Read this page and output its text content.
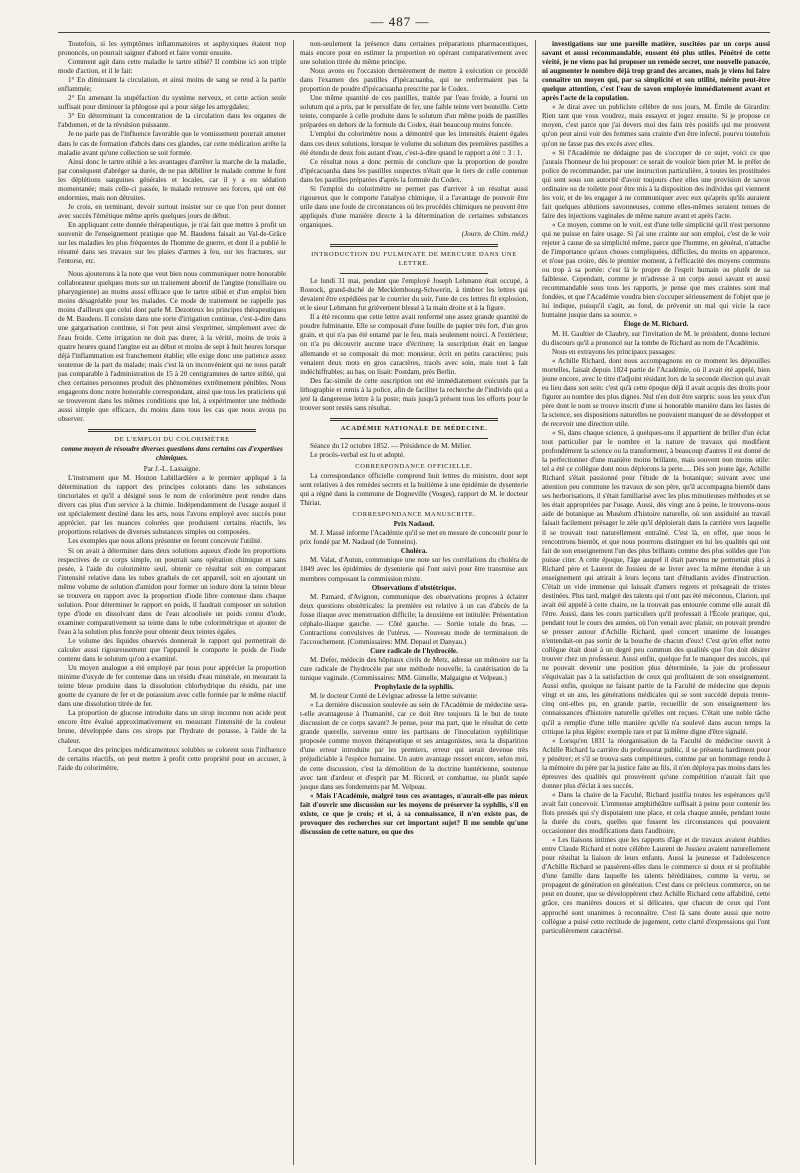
— 487 —

Toutefois, si les symptômes inflammatoires et asphyxiques étaient trop prononcés, on pourrait saigner d'abord et faire vomir ensuite.

Comment agit dans cette maladie le tartre stibié? Il combine ici son triple mode d'action, et il le fait:

1° En diminuant la circulation, et ainsi moins de sang se rend à la partie enflammée;

2° En amenant la stupéfaction du système nerveux, et cette action seule suffisait pour diminuer la phlogose qui a pour siége les amygdales;

3° En déterminant la concentration de la circulation dans les organes de l'abdomen, et de la révulsion puissante.

Je ne parle pas de l'influence favorable que le vomissement pourrait amener dans le cas de formation d'abcès dans ces glandes, car cette médication arrête la maladie avant qu'une collection se soit formée.

Ainsi donc le tartre stibié a les avantages d'arrêter la marche de la maladie, par conséquent d'abréger sa durée, de ne pas débiliter le malade comme le font les déplétions sanguines générales et locales, car il y a eu sédation momentanée; mais celle-ci passée, le malade retrouve ses forces, qui ont été endormies, mais non détruites.

Je crois, en terminant, devoir surtout insister sur ce que l'on peut donner avec succès l'émétique même après quelques jours de début.

En appliquant cette donnée thérapeutique, je n'ai fait que mettre à profit un souvenir de l'enseignement pratique que M. Baudens faisait au Val-de-Grâce sur les maladies les plus fréquentes de l'homme de guerre, et dont il a publié le résumé dans ses travaux sur les plaies d'armes à feu, sur les fractures, sur l'entorse, etc.

Nous ajouterons à la note que veut bien nous communiquer notre honorable collaborateur quelques mots sur un traitement abortif de l'angine (tonsillaire ou pharyngienne) au moins aussi efficace que le tartre stibié et d'un emploi bien moins désagréable pour les malades. Ce mode de traitement ne rappelle pas moins d'ailleurs que celui dont parle M. Dezotteux les principes thérapeutiques de M. Baudens. Il consiste dans une sorte d'irrigation continue, c'est-à-dire dans une gargarisation continue, si l'on peut ainsi s'exprimer, simplement avec de l'eau froide. Cette irrigation ne doit pas durer, à la vérité, moins de trois à quatre heures quand l'angine est au début et moins de sept à huit heures lorsque déjà l'inflammation est franchement établie; elle exige donc une patience assez soutenue de la part du malade; mais c'est là un inconvénient qui ne nous paraît pas comparable à l'administration de 15 à 20 centigrammes de tartre stibié, qui chez certaines personnes produit des phénomènes extrêmement pénibles. Nous engageons donc notre honorable correspondant, ainsi que tous les praticiens qui se trouveront dans les mêmes conditions que lui, à expérimenter une méthode aussi simple que efficace, du moins dans tous les cas que nous avons pu observer.

DE L'EMPLOI DU COLORIMÈTRE

comme moyen de résoudre diverses questions dans certains cas d'expertises chimiques.

Par J.-L. Lassaigne.

L'instrument que M. Houton Labillardière a le premier appliqué à la détermination du rapport des principes colorants dans les substances tinctoriales et qu'il a désigné sous le nom de colorimètre peut rendre dans divers cas plus d'un service à la chimie. Indépendamment de l'usage auquel il est spécialement destiné dans les arts, nous l'avons employé avec succès pour apprécier, par les nuances colorées que produisent certains réactifs, les proportions relatives de diverses substances simples ou composées.

Les exemples que nous allons présenter en feront concevoir l'utilité.

Si on avait à déterminer dans deux solutions aqueux d'iode les proportions respectives de ce corps simple, on pourrait sans opération chimique et sans pesée, à l'aide du colorimètre seul, obtenir ce résultat soit en comparant l'intensité relative dans les tubes gradués de cet appareil, soit en ajoutant un même volume de solution d'amidon pour former un iodure dont la teinte bleue se trouvera en rapport avec la proportion d'iode libre contenue dans chaque solution. Pour déterminer le rapport en poids, il faudrait composer un solution type d'iode en dissolvant dans de l'eau alcoolisée un poids connu d'iode, examiner comparativement sa teinte dans le tube colorimétrique et ajouter de l'eau à la solution plus foncée pour obtenir deux teintes égales.

Le volume des liquides observés donnerait le rapport qui permettrait de calculer aussi rigoureusement que l'appareil le comporte le poids de l'iode contenu dans le solutum qu'on a examiné.

Un moyen analogue a été employé par nous pour apprécier la proportion minime d'oxyde de fer contenue dans un résidu d'eau minérale, en mesurant la teinte bleue produite dans la dissolution chlorhydrique du résidu, par une goutte de cyanure de fer et de potassium avec celle formée par le même réactif dans une dissolution titrée de fer.

La proportion de glucose introduite dans un sirop inconnu non acide peut encore être évalué approximativement en mesurant l'intensité de la couleur brune, développée dans ces sirops par l'hydrate de potasse, à l'aide de la chaleur.

Lorsque des principes médicamenteux solubles se colorent sous l'influence de certains réactifs, on peut mettre à profit cette propriété pour en accuser, à l'aide du colorimètre,

non-seulement la présence dans certaines préparations pharmaceutiques, mais encore pour en estimer la proportion en opérant comparativement avec une solution titrée du même principe.

Nous avons eu l'occasion dernièrement de mettre à exécution ce procédé dans l'examen des pastilles d'ipécacuanha, qui ne renfermaient pas la proportion de poudre d'ipécacuanha prescrite par le Codex.

Une même quantité de ces pastilles, traitée par l'eau froide, a fourni un solutum qui a pris, par le persulfate de fer, une faible teinte vert bouteille. Cette teinte, comparée à celle produite dans le solutum d'un même poids de pastilles préparées en dehors de la formule du Codex, était beaucoup moins foncée.

L'emploi du colorimètre nous a démontré que les intensités étaient égales dans ces deux solutions, lorsque le volume du solutum des premières pastilles a été étendu de deux fois autant d'eau, c'est-à-dire quand le rapport a été :: 3 : 1.

Ce résultat nous a donc permis de conclure que la proportion de poudre d'ipécacuanha dans les pastilles suspectes n'était que le tiers de celle contenue dans les pastilles préparées d'après la formule du Codex.

Si l'emploi du colorimètre ne permet pas d'arriver à un résultat aussi rigoureux que le comporte l'analyse chimique, il a l'avantage de pouvoir être utile dans une foule de circonstances où les procédés chimiques ne peuvent être appliqués d'une manière directe à la détermination de certaines substances organiques.

(Journ. de Chim. méd.)

INTRODUCTION DU FULMINATE DE MERCURE DANS UNE LETTRE.

Le lundi 31 mai, pendant que l'employé Joseph Lehmann était occupé, à Rostock, grand-duché de Mecklembourg-Schwerin, à timbrer les lettres qui devaient être expédiées par le courrier du soir, l'une de ces lettres fit explosion, et le sieur Lehmann fut grièvement blessé à la main droite et à la figure.

Il a été reconnu que cette lettre avait renfermé une assez grande quantité de poudre fulminante. Elle se composait d'une feuille de papier très fort, d'un gros grain, et qui n'a pas été entamé par le feu, mais seulement noirci. A l'extérieur, on n'a pu découvrir aucune trace d'écriture; la suscription était en langue allemande et se composait du mot: monsieur, écrit en petits caractères; puis venaient deux mots en gros caractères, tracés avec soin, mais tout à fait indéchiffrables; au bas, on lisait: Postdam, près Berlin.

Des fac-simile de cette suscription ont été immédiatement exécutés par la lithographie et remis à la police, afin de faciliter la recherche de l'individu qui a jeté la dangereuse lettre à la poste; mais jusqu'à présent tous les efforts pour le trouver sont restés sans résultat.

ACADÉMIE NATIONALE DE MÉDECINE.

Séance du 12 octobre 1852. — Présidence de M. Mélier.

Le procès-verbal est lu et adopté.

CORRESPONDANCE OFFICIELLE.

La correspondance officielle comprend huit lettres du ministre, dont sept sont relatives à des remèdes secrets et la huitième à une épidémie de dysenterie qui a régné dans la commune de Dogneville (Vosges), rapport de M. le docteur Thiriat.

CORRESPONDANCE MANUSCRITE.

Prix Nadaud.

M. J. Massé informe l'Académie qu'il se met en mesure de concourir pour le prix fondé par M. Nadaud (de Tonneins).

Choléra.

M. Valat, d'Autun, communique une note sur les corrélations du choléra de 1849 avec les épidémies de dysenterie qui l'ont suivi pour être transmise aux membres composant la commission mixte.

Observations d'obstétrique.

M. Pamard, d'Avignon, communique des observations propres à éclairer deux questions obstétricales: la première est relative à un cas d'abcès de la fosse iliaque avec menstruation difficile; la deuxième est intitulée: Présentation céphalo-iliaque gauche. — Côté gauche. — Sortie totale du bras. — Contractions convulsives de l'utérus. — Nouveau mode de terminaison de l'accouchement. (Commissaires: MM. Depaul et Danyau.)

Cure radicale de l'hydrocèle.

M. Defer, médecin des hôpitaux civils de Metz, adresse un mémoire sur la cure radicale de l'hydrocèle par une méthode nouvelle, la cautérisation de la tunique vaginale. (Commissaires: MM. Gimelle, Malgaigne et Velpeau.)

Prophylaxie de la syphilis.

M. le docteur Conté de Lévignac adresse la lettre suivante:

« La dernière discussion soulevée au sein de l'Académie de médecine sera-t-elle avantageuse à l'humanité, car ce doit être toujours là le but de toute discussion de ce corps savant? Je pense, pour ma part, que le résultat de cette grande querelle, survenue entre les partisans de l'inoculation syphilitique proposée comme moyen thérapeutique et ses antagonistes, sera la disparition d'une erreur introduite par les premiers, erreur qui serait devenue très préjudiciable à l'espèce humaine. Un autre avantage ressort encore, selon moi, de cette discussion, c'est la démolition de la doctrine huntérienne, soutenue avec tant d'ardeur et d'esprit par M. Ricord, et combattue, ou plutôt sapée jusque dans ses fondements par M. Velpeau.

« Mais l'Académie, malgré tous ces avantages, n'aurait-elle pas mieux fait d'ouvrir une discussion sur les moyens de préserver la syphilis, s'il en existe, ce que je crois; et si, à sa connaissance, il n'en existe pas, de provoquer des recherches sur cet important sujet? Il me semble qu'une discussion de cette nature, ou que des

investigations sur une pareille matière, suscitées par un corps aussi savant et aussi recommandable, eussent été plus utiles. Pénétré de cette vérité, je ne viens pas lui proposer un remède secret, une nouvelle panacée, ni augmenter le nombre déjà trop grand des arcanes, mais je viens lui faire connaître un moyen qui, par sa simplicité et son utilité, mérite peut-être quelque attention, c'est l'eau de savon employée immédiatement avant et après l'acte de la copulation.

« Je dirai avec un publiciste célèbre de nos jours, M. Émile de Girardin: Rien tant que vous voudrez, mais essayez et jugez ensuite. Si je propose ce moyen, c'est parce que j'ai devers moi des faits très positifs qui me prouvent qu'on peut ainsi voir des femmes sans crainte d'en être infecté, pourvu toutefois qu'on ne fasse pas des excès avec elles.

« Si l'Académie ne dédaigne pas de s'occuper de ce sujet, voici ce que j'aurais l'honneur de lui proposer: ce serait de vouloir bien prier M. le préfet de police de recommander, par une instruction particulière, à toutes les prostituées qui sont sous son autorité d'avoir toujours chez elles une provision de savon ordinaire ou de toilette pour être mis à la disposition des individus qui viennent les voir, et de les engager à ne communiquer avec eux qu'après qu'ils auraient fait quelques ablutions savonneuses, comme elles-mêmes seraient tenues de faire des injections vaginales de même nature avant et après l'acte.

« Ce moyen, comme on le voit, est d'une telle simplicité qu'il n'est personne qui ne puisse en faire usage. Si j'ai une crainte sur son emploi, c'est de le voir rejeter à cause de sa simplicité même, parce que l'homme, en général, n'attache de l'importance qu'aux choses compliquées, difficiles, du moins en apparence, et n'ose pas croire, dès le premier moment, à l'efficacité des moyens communs ou trop à sa portée: c'est là le propre de l'esprit humain ou plutôt de sa faiblesse. Cependant, comme je m'adresse à un corps aussi savant et aussi recommandable sous tous les rapports, je pense que mes craintes sont mal fondées, et que l'Académie voudra bien s'occuper sérieusement de l'objet que je lui indique, puisqu'il s'agit, au fond, de prévenir un mal qui vicie la race humaine jusque dans sa source. »

Éloge de M. Richard.

M. H. Gaultier de Claubry, sur l'invitation de M. le président, donne lecture du discours qu'il a prononcé sur la tombe de Richard au nom de l'Académie.

Nous en extrayons les principaux passages:

« Achille Richard, dont nous accompagnons en ce moment les dépouilles mortelles, faisait depuis 1824 partie de l'Académie, où il avait été appelé, bien jeune encore, avec le titre d'adjoint résidant lors de la seconde élection qui avait eu lieu dans son sein: c'est qu'à cette époque déjà il avait acquis des droits pour figurer au nombre des plus dignes. Nul n'en doit être surpris: sous les yeux d'un père dont le nom se trouve inscrit d'une si honorable manière dans les fastes de la science, ses dispositions naturelles ne pouvaient manquer de se développer et de recevoir une direction utile.

« Si, dans chaque science, à quelques-uns il appartient de briller d'un éclat tout particulier par le nombre et la nature de travaux qui modifient profondément la science ou la transforment, à beaucoup d'autres il est donné de la perfectionner d'une manière moins brillante, mais souvent non moins utile: tel a été ce collègue dont nous déplorons la perte..... Dès son jeune âge, Achille Richard s'était passionné pour l'étude de la botanique; suivant avec une attention peu commune les travaux de son père, qu'il accompagna bientôt dans ses herborisations, il s'était familiarisé avec les plus minutieuses méthodes et se les était appropriées par l'usage. Aussi, dès vingt ans à peine, le trouvons-nous aide de botanique au Muséum d'histoire naturelle, où son assiduité au travail faisait facilement présager le zèle qu'il déploierait dans la carrière vers laquelle il se trouvait tout naturellement entraîné. C'est là, en effet, que nous le rencontrons bientôt, et que nous pourrons distinguer en lui les qualités qui ont fait de son enseignement l'un des plus brillants comme des plus solides que l'on puisse citer. A cette époque, l'âge auquel il était parvenu ne permettait plus à Richard père et Laurent de Jussieu de se livrer avec la même étendue à un enseignement qui attirait à leurs leçons tant d'étudiants avides d'instruction. C'était un vide immense qui laissait d'amers regrets et présageait de tristes destinées. Plus tard, malgré des talents qui n'ont pas été méconnus, Clarion, qui avait été appelé à cette chaire, ne la trouvait pas entourée comme elle aurait dû l'être. Aussi, dans les cours particuliers qu'il professait à l'École pratique, qui, pendant tout le cours des années, où l'on venait avec plaisir, on pouvait prendre se presser autour d'Achille Richard, quel concert unanime de louanges n'entendait-on pas sortir de la bouche de chacun d'eux! C'est qu'en effet notre collègue était doué à un degré peu commun des qualités que l'on doit désirer trouver chez un professeur. Aussi enfin, quelque fut le manquer des succès, qui ne pouvait devenir une position plus déterminée, la joie du professeur s'équivalait pas à la satisfaction de ceux qui profitaient de son enseignement. Aussi enfin, quoique ne faisant partie de la Faculté de médecine que depuis vingt et un ans, les générations médicales qui se sont succédé depuis trente-cinq ont-elles pu, en grande partie, recueillir de son enseignement les connaissances d'histoire naturelle qu'elles ont reçues. C'était une noble tâche qu'il a remplie d'une telle manière qu'elle n'a soulevé dans aucun temps la critique la plus légère: exemple rare et par là même digne d'être signalé.

« Lorsqu'en 1831 la réorganisation de la Faculté de médecine ouvrit à Achille Richard la carrière du professorat public, il se présenta hardiment pour y pénétrer; et s'il se trouva sans compétiteurs, comme par un hommage rendu à la mémoire du père par la justice faite au fils, il n'en déploya pas moins dans les épreuves des qualités qui prouvèrent qu'une compétition n'aurait fait que donner plus d'éclat à ses succès.

« Dans la chaire de la Faculté, Richard justifia toutes les espérances qu'il avait fait concevoir. L'immense amphithéâtre suffisait à peine pour contenir les flots pressés qui s'y disputaient une place, et cela chaque année, pendant toute la durée du cours, quelles que fussent les circonstances qui pouvaient occasionner des modifications dans l'auditoire.

« Les liaisons intimes que les rapports d'âge et de travaux avaient établies entre Claude Richard et notre célèbre Laurent de Jussieu avaient naturellement pour résultat la liaison de leurs enfants. Aussi la jeunesse et l'adolescence d'Achille Richard se passèrent-elles dans le commerce si doux et si profitable d'une famille dans laquelle les talents héréditaires, comme la vertu, se propagent de génération en génération. C'est dans ce précieux commerce, on ne peut en douter, que se développèrent chez Achille Richard cette affabilité, cette grâce, ces manières douces et si délicates, que chacun de ceux qui l'ont approché sont unanimes à reconnaître. C'est là sans doute aussi que notre collègue a puisé cette rectitude de jugement, cette clarté d'expressions qui l'ont particulièrement caractérisé.
